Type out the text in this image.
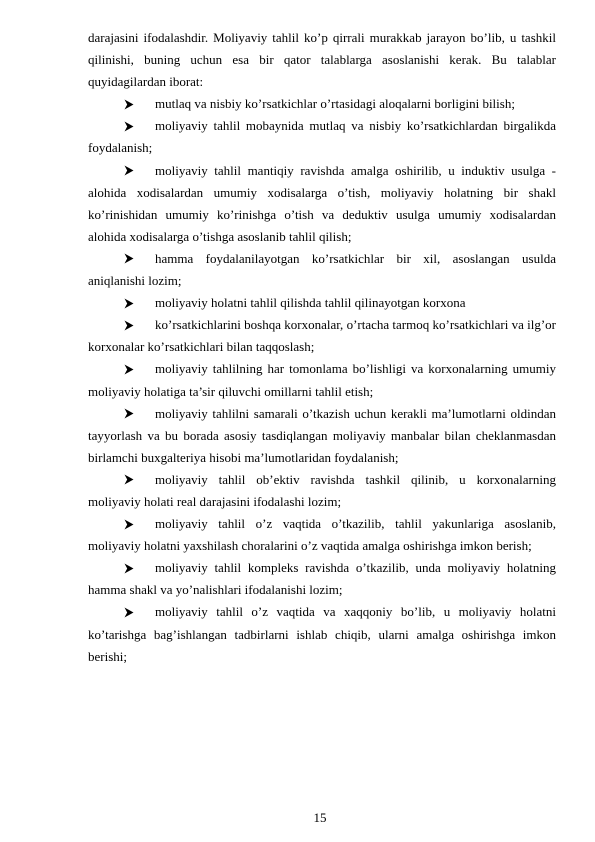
darajasini ifodalashdir. Moliyaviy tahlil ko’p qirrali murakkab jarayon bo’lib, u tashkil qilinishi, buning uchun esa bir qator talablarga asoslanishi kerak. Bu talablar quyidagilardan iborat:

mutlaq va nisbiy ko’rsatkichlar o’rtasidagi aloqalarni borligini bilish;

moliyaviy tahlil mobaynida mutlaq va nisbiy ko’rsatkichlardan birgalikda foydalanish;

moliyaviy tahlil mantiqiy ravishda amalga oshirilib, u induktiv usulga - alohida xodisalardan umumiy xodisalarga o’tish, moliyaviy holatning bir shakl ko’rinishidan umumiy ko’rinishga o’tish va deduktiv usulga umumiy xodisalardan alohida xodisalarga o’tishga asoslanib tahlil qilish;

hamma foydalanilayotgan ko’rsatkichlar bir xil, asoslangan usulda aniqlanishi lozim;

moliyaviy holatni tahlil qilishda tahlil qilinayotgan korxona

ko’rsatkichlarini boshqa korxonalar, o’rtacha tarmoq ko’rsatkichlari va ilg’or korxonalar ko’rsatkichlari bilan taqqoslash;

moliyaviy tahlilning har tomonlama bo’lishligi va korxonalarning umumiy moliyaviy holatiga ta’sir qiluvchi omillarni tahlil etish;

moliyaviy tahlilni samarali o’tkazish uchun kerakli ma’lumotlarni oldindan tayyorlash va bu borada asosiy tasdiqlangan moliyaviy manbalar bilan cheklanmasdan birlamchi buxgalteriya hisobi ma’lumotlaridan foydalanish;

moliyaviy tahlil ob’ektiv ravishda tashkil qilinib, u korxonalarning moliyaviy holati real darajasini ifodalashi lozim;

moliyaviy tahlil o’z vaqtida o’tkazilib, tahlil yakunlariga asoslanib, moliyaviy holatni yaxshilash choralarini o’z vaqtida amalga oshirishga imkon berish;

moliyaviy tahlil kompleks ravishda o’tkazilib, unda moliyaviy holatning hamma shakl va yo’nalishlari ifodalanishi lozim;

moliyaviy tahlil o’z vaqtida va xaqqoniy bo’lib, u moliyaviy holatni ko’tarishga bag’ishlangan tadbirlarni ishlab chiqib, ularni amalga oshirishga imkon berishi;

15
